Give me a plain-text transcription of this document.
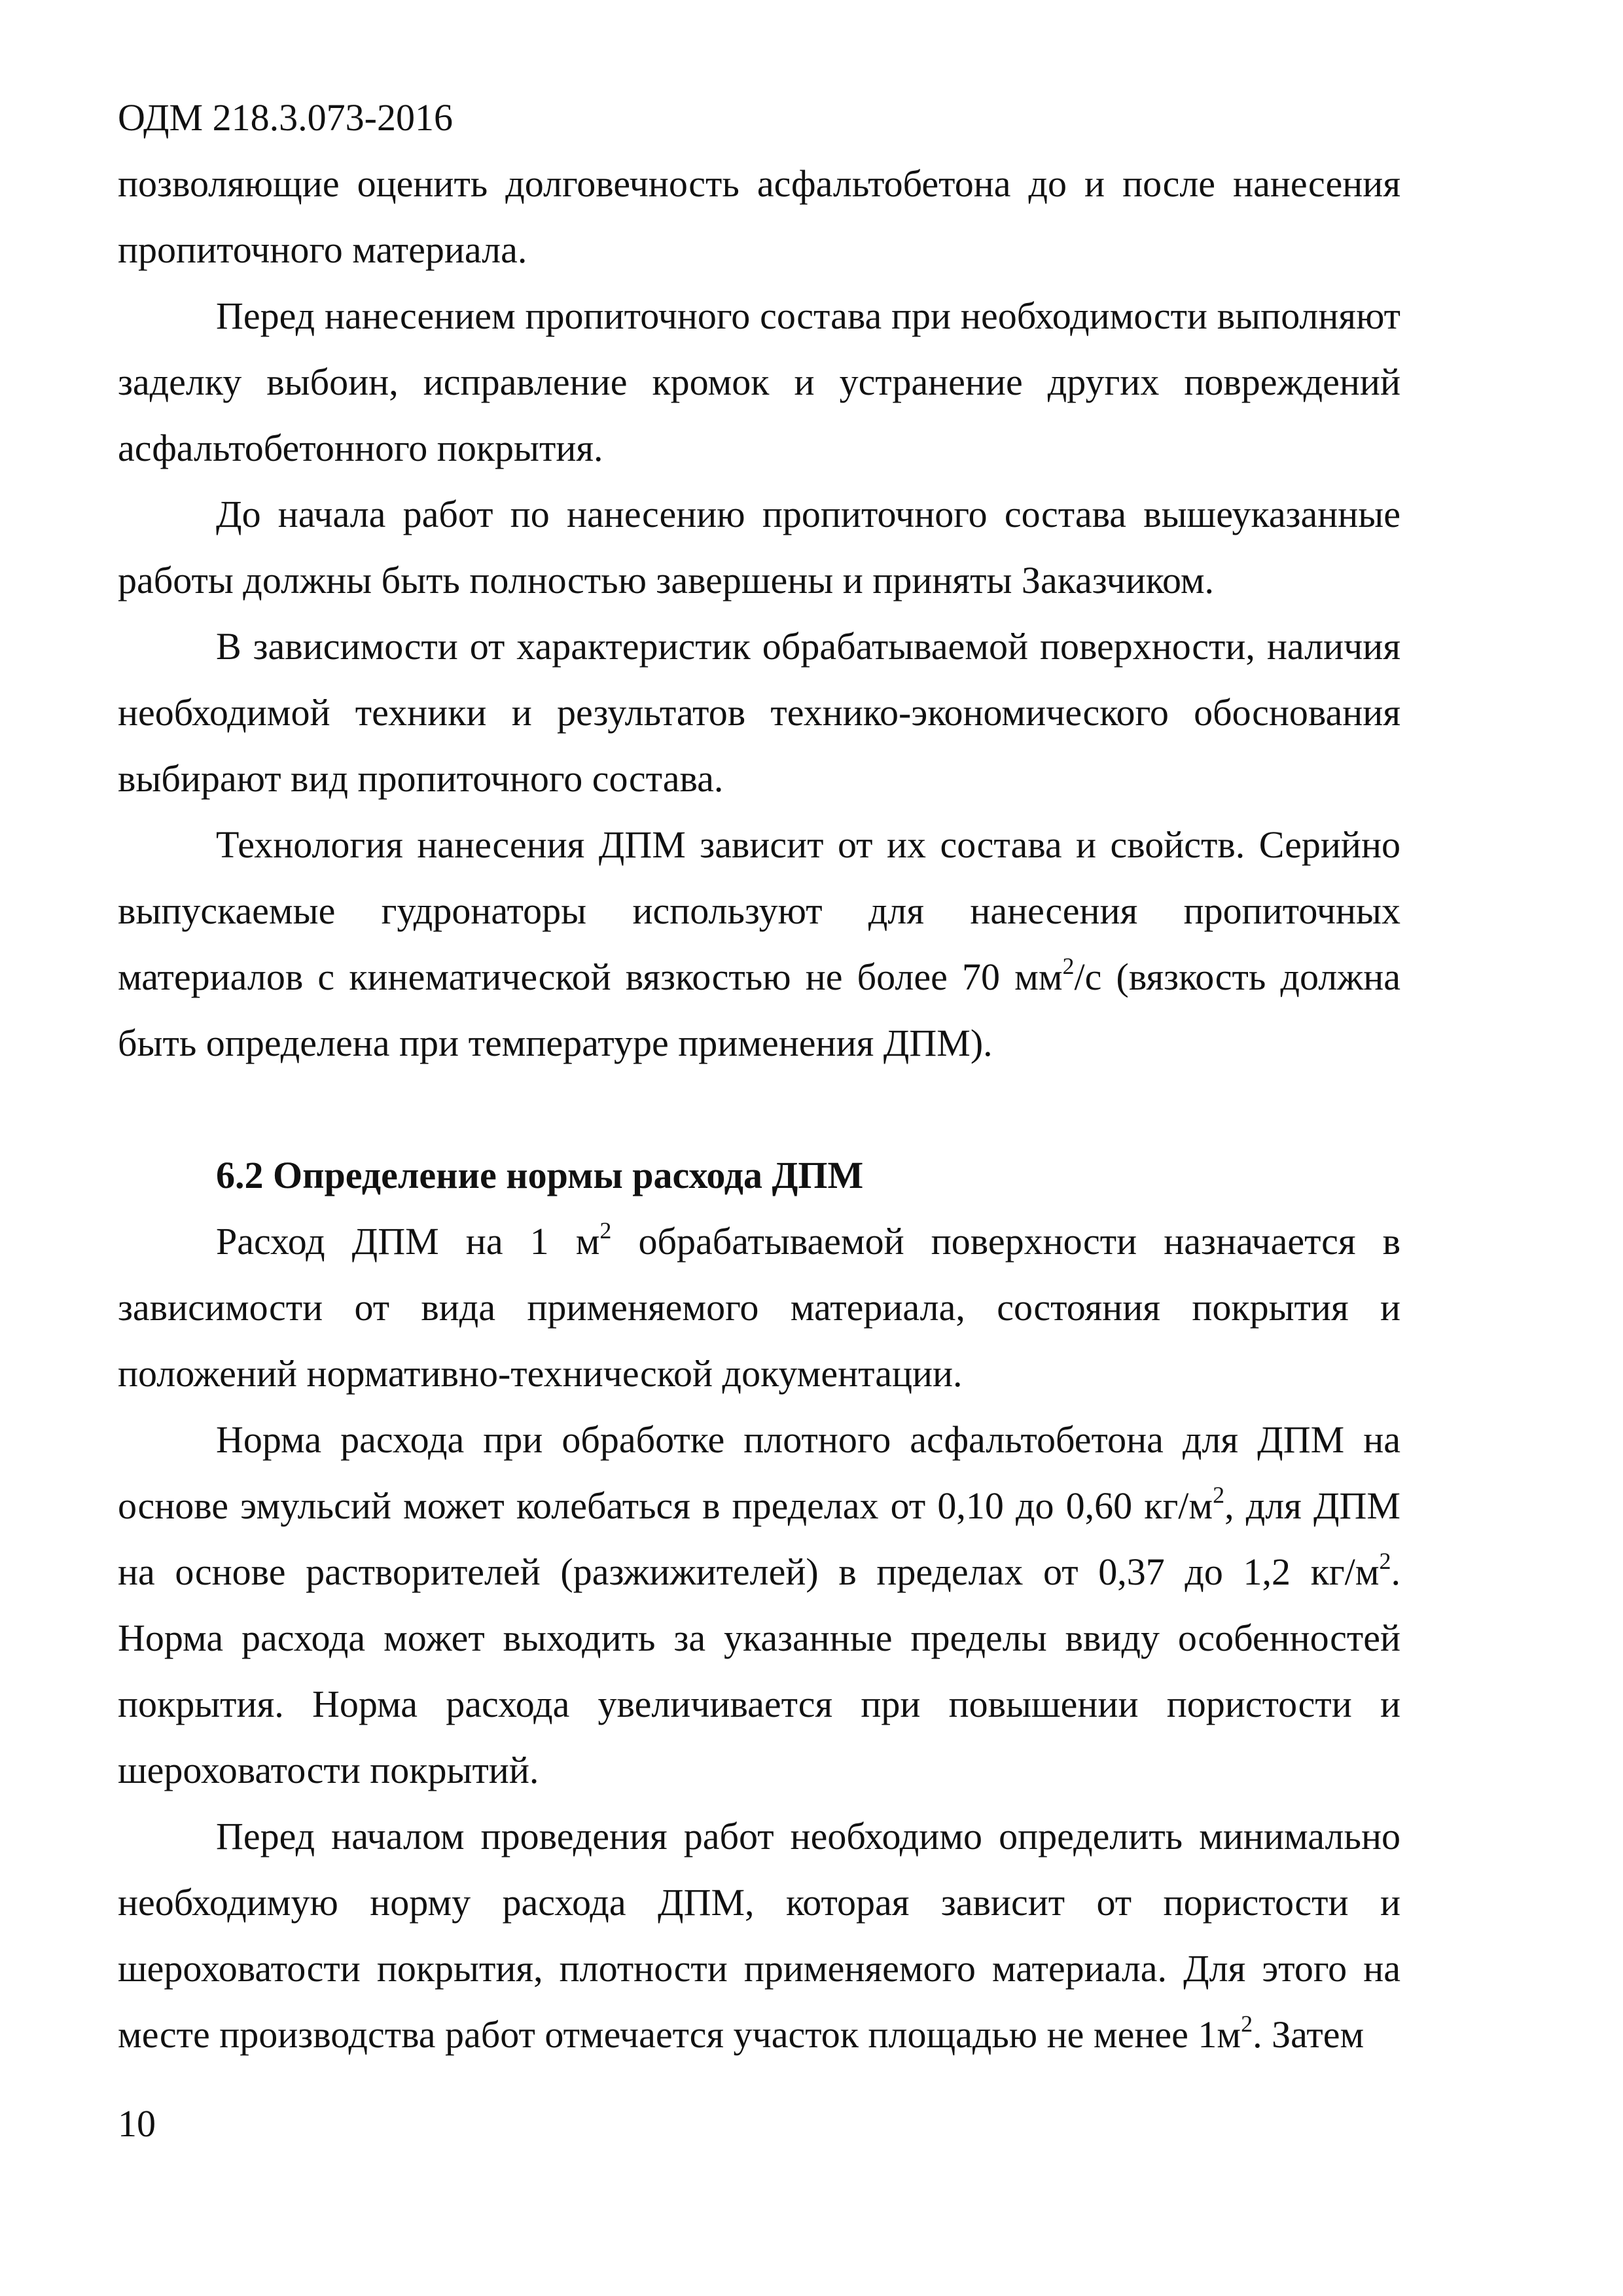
ОДМ 218.3.073-2016

позволяющие оценить долговечность асфальтобетона до и после нанесения пропиточного материала.

Перед нанесением пропиточного состава при необходимости выполняют заделку выбоин, исправление кромок и устранение других повреждений асфальтобетонного покрытия.

До начала работ по нанесению пропиточного состава вышеуказанные работы должны быть полностью завершены и приняты Заказчиком.

В зависимости от характеристик обрабатываемой поверхности, наличия необходимой техники и результатов технико-экономического обоснования выбирают вид пропиточного состава.

Технология нанесения ДПМ зависит от их состава и свойств. Серийно выпускаемые гудронаторы используют для нанесения пропиточных материалов с кинематической вязкостью не более 70 $мм^2/с$ (вязкость должна быть определена при температуре применения ДПМ).

6.2 Определение нормы расхода ДПМ

Расход ДПМ на 1 $м^2$ обрабатываемой поверхности назначается в зависимости от вида применяемого материала, состояния покрытия и положений нормативно-технической документации.

Норма расхода при обработке плотного асфальтобетона для ДПМ на основе эмульсий может колебаться в пределах от 0,10 до 0,60 $кг/м^2$, для ДПМ на основе растворителей (разжижителей) в пределах от 0,37 до 1,2 $кг/м^2$. Норма расхода может выходить за указанные пределы ввиду особенностей покрытия. Норма расхода увеличивается при повышении пористости и шероховатости покрытий.

Перед началом проведения работ необходимо определить минимально необходимую норму расхода ДПМ, которая зависит от пористости и шероховатости покрытия, плотности применяемого материала. Для этого на месте производства работ отмечается участок площадью не менее $1м^2$. Затем

10
